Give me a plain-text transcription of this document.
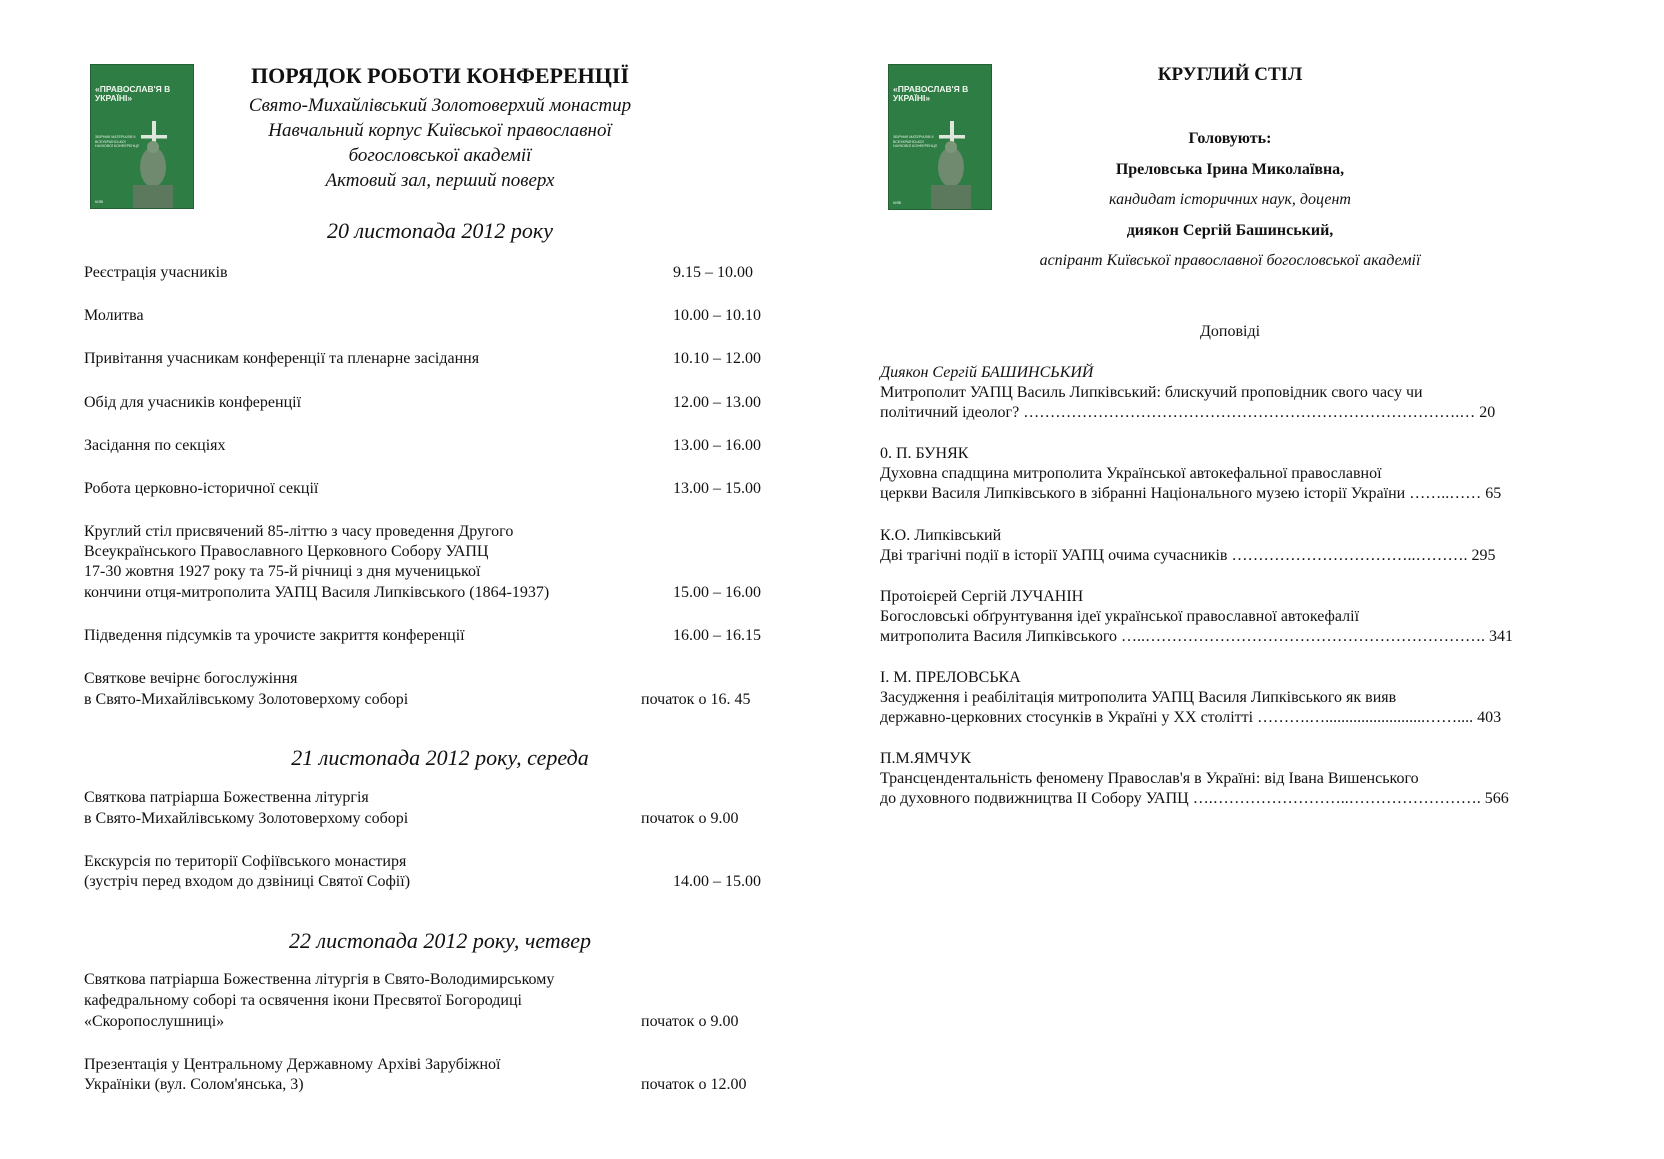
«ПРАВОСЛАВ'Я В УКРАЇНІ»
ЗБІРНИК МАТЕРІАЛІВ ІІ ВСЕУКРАЇНСЬКОЇ НАУКОВОЇ КОНФЕРЕНЦІЇ
КИЇВ
ПОРЯДОК РОБОТИ КОНФЕРЕНЦІЇ
Свято-Михайлівський Золотоверхий монастир
Навчальний корпус Київської православної
богословської академії
Актовий зал, перший поверх
20 листопада 2012 року
Реєстрація учасників	9.15 – 10.00
Молитва	10.00 – 10.10
Привітання учасникам конференції та пленарне засідання	10.10 – 12.00
Обід для учасників конференції	12.00 – 13.00
Засідання по секціях	13.00 – 16.00
Робота церковно-історичної секції	13.00 – 15.00
Круглий стіл присвячений 85-літтю з часу проведення Другого
Всеукраїнського Православного Церковного Собору УАПЦ
17-30 жовтня 1927 року та 75-й річниці з дня мученицької
кончини отця-митрополита УАПЦ Василя Липківського (1864-1937)	15.00 – 16.00
Підведення підсумків та урочисте закриття конференції	16.00 – 16.15
Святкове вечірнє богослужіння
в Свято-Михайлівському Золотоверхому соборі	початок о 16. 45
Святкова патріарша Божественна літургія
в Свято-Михайлівському Золотоверхому соборі	початок о 9.00
Екскурсія по території Софіївського монастиря
(зустріч перед входом до дзвіниці Святої Софії)	14.00 – 15.00
Святкова патріарша Божественна літургія в Свято-Володимирському
кафедральному соборі та освячення ікони Пресвятої Богородиці
«Скоропослушниці»	початок о 9.00
Презентація у Центральному Державному Архіві Зарубіжної
Україніки (вул. Солом'янська, 3)	початок о 12.00
21 листопада 2012 року, середа
22 листопада 2012 року, четвер
«ПРАВОСЛАВ'Я В УКРАЇНІ»
ЗБІРНИК МАТЕРІАЛІВ ІІ ВСЕУКРАЇНСЬКОЇ НАУКОВОЇ КОНФЕРЕНЦІЇ
КИЇВ
КРУГЛИЙ СТІЛ
Головують:
Преловська Ірина Миколаївна,
кандидат історичних наук, доцент
диякон Сергій Башинський,
аспірант Київської православної богословської академії
Доповіді
Диякон Сергій БАШИНСЬКИЙ
Митрополит УАПЦ Василь Липківський: блискучий проповідник свого часу чи
політичний ідеолог? ……………………………………………………………………….… 20
0. П. БУНЯК
Духовна спадщина митрополита Української автокефальної православної
церкви Василя Липківського в зібранні Національного музею історії України ……..…… 65
К.О. Липківський
Дві трагічні події в історії УАПЦ очима сучасників ……………………………..………. 295
Протоієрей Сергій ЛУЧАНІН
Богословські обґрунтування ідеї української православної автокефалії
митрополита Василя Липківського …..………………………………………………………. 341
І. М. ПРЕЛОВСЬКА
Засудження і реабілітація митрополита УАПЦ Василя Липківського як вияв
державно-церковних стосунків в Україні у ХХ столітті ……….….........................…….... 403
П.М.ЯМЧУК
Трансцендентальність феномену Православ'я в Україні: від Івана Вишенського
до духовного подвижництва ІІ Собору УАПЦ ….……………………..……………………. 566
